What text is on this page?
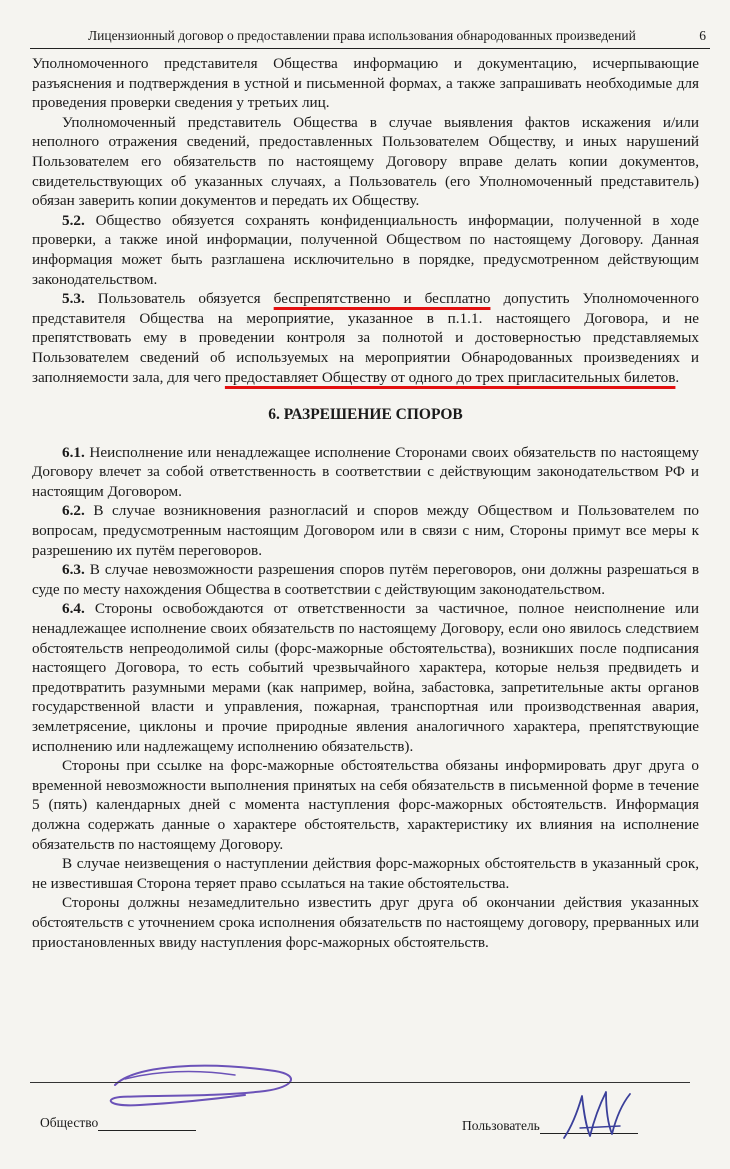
Лицензионный договор о предоставлении права использования обнародованных произведений	6

Уполномоченного представителя Общества информацию и документацию, исчерпывающие разъяснения и подтверждения в устной и письменной формах, а также запрашивать необходимые для проведения проверки сведения у третьих лиц.

Уполномоченный представитель Общества в случае выявления фактов искажения и/или неполного отражения сведений, предоставленных Пользователем Обществу, и иных нарушений Пользователем его обязательств по настоящему Договору вправе делать копии документов, свидетельствующих об указанных случаях, а Пользователь (его Уполномоченный представитель) обязан заверить копии документов и передать их Обществу.

5.2. Общество обязуется сохранять конфиденциальность информации, полученной в ходе проверки, а также иной информации, полученной Обществом по настоящему Договору. Данная информация может быть разглашена исключительно в порядке, предусмотренном действующим законодательством.

5.3. Пользователь обязуется беспрепятственно и бесплатно допустить Уполномоченного представителя Общества на мероприятие, указанное в п.1.1. настоящего Договора, и не препятствовать ему в проведении контроля за полнотой и достоверностью представляемых Пользователем сведений об используемых на мероприятии Обнародованных произведениях и заполняемости зала, для чего предоставляет Обществу от одного до трех пригласительных билетов.

6. РАЗРЕШЕНИЕ СПОРОВ

6.1. Неисполнение или ненадлежащее исполнение Сторонами своих обязательств по настоящему Договору влечет за собой ответственность в соответствии с действующим законодательством РФ и настоящим Договором.

6.2. В случае возникновения разногласий и споров между Обществом и Пользователем по вопросам, предусмотренным настоящим Договором или в связи с ним, Стороны примут все меры к разрешению их путём переговоров.

6.3. В случае невозможности разрешения споров путём переговоров, они должны разрешаться в суде по месту нахождения Общества в соответствии с действующим законодательством.

6.4. Стороны освобождаются от ответственности за частичное, полное неисполнение или ненадлежащее исполнение своих обязательств по настоящему Договору, если оно явилось следствием обстоятельств непреодолимой силы (форс-мажорные обстоятельства), возникших после подписания настоящего Договора, то есть событий чрезвычайного характера, которые нельзя предвидеть и предотвратить разумными мерами (как например, война, забастовка, запретительные акты органов государственной власти и управления, пожарная, транспортная или производственная авария, землетрясение, циклоны и прочие природные явления аналогичного характера, препятствующие исполнению или надлежащему исполнению обязательств).

Стороны при ссылке на форс-мажорные обстоятельства обязаны информировать друг друга о временной невозможности выполнения принятых на себя обязательств в письменной форме в течение 5 (пять) календарных дней с момента наступления форс-мажорных обстоятельств. Информация должна содержать данные о характере обстоятельств, характеристику их влияния на исполнение обязательств по настоящему Договору.

В случае неизвещения о наступлении действия форс-мажорных обстоятельств в указанный срок, не известившая Сторона теряет право ссылаться на такие обстоятельства.

Стороны должны незамедлительно известить друг друга об окончании действия указанных обстоятельств с уточнением срока исполнения обязательств по настоящему договору, прерванных или приостановленных ввиду наступления форс-мажорных обстоятельств.

Общество	Пользователь
